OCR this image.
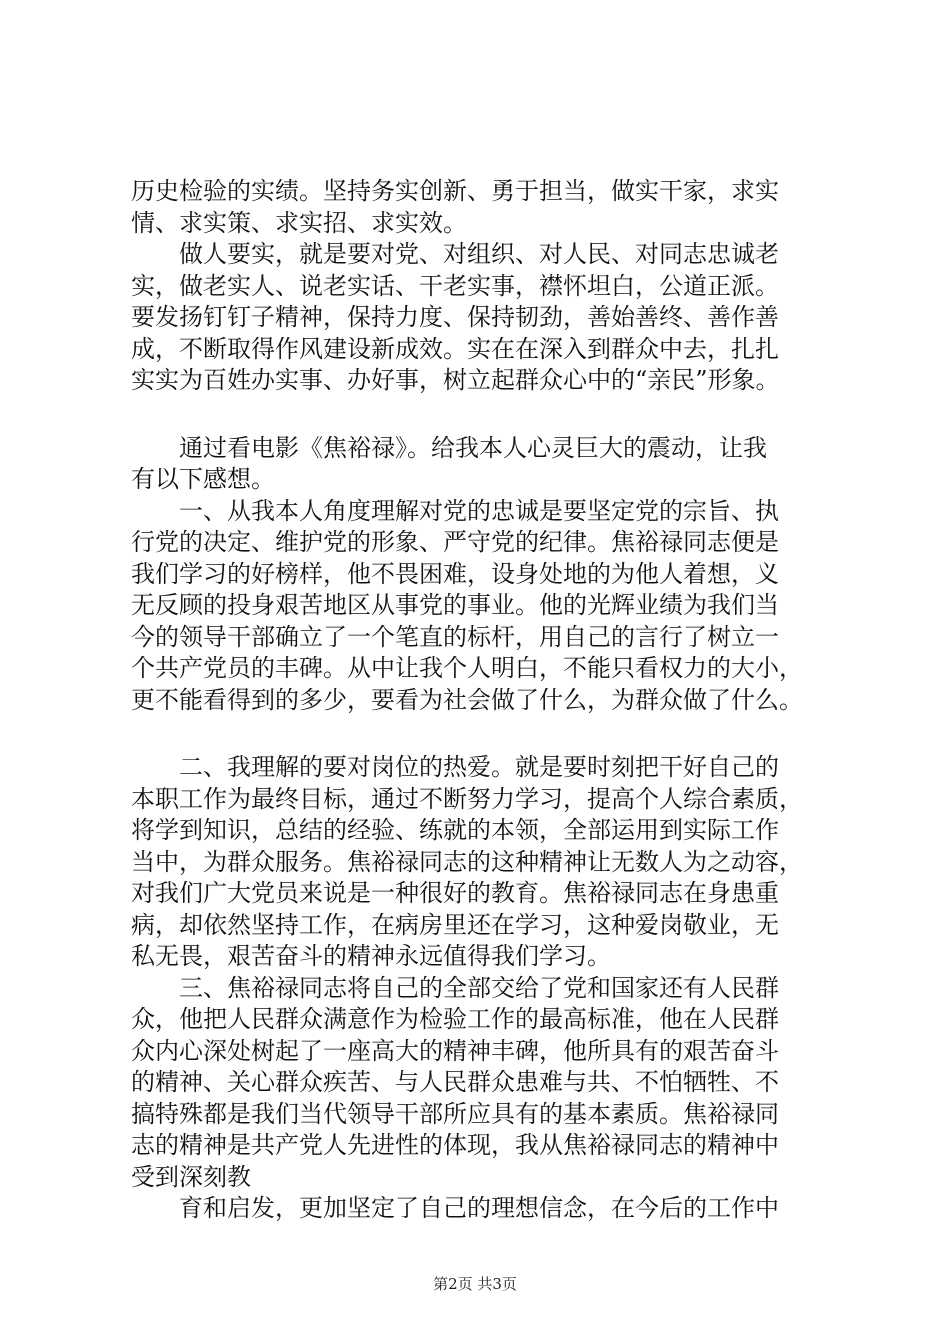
历史检验的实绩。坚持务实创新、勇于担当，做实干家，求实
情、求实策、求实招、求实效。
　　做人要实，就是要对党、对组织、对人民、对同志忠诚老
实，做老实人、说老实话、干老实事，襟怀坦白，公道正派。
要发扬钉钉子精神，保持力度、保持韧劲，善始善终、善作善
成，不断取得作风建设新成效。实在在深入到群众中去，扎扎
实实为百姓办实事、办好事，树立起群众心中的“亲民”形象。
　　通过看电影《焦裕禄》。给我本人心灵巨大的震动，让我
有以下感想。
　　一、从我本人角度理解对党的忠诚是要坚定党的宗旨、执
行党的决定、维护党的形象、严守党的纪律。焦裕禄同志便是
我们学习的好榜样，他不畏困难，设身处地的为他人着想，义
无反顾的投身艰苦地区从事党的事业。他的光辉业绩为我们当
今的领导干部确立了一个笔直的标杆，用自己的言行了树立一
个共产党员的丰碑。从中让我个人明白，不能只看权力的大小，
更不能看得到的多少，要看为社会做了什么，为群众做了什么。
　　二、我理解的要对岗位的热爱。就是要时刻把干好自己的
本职工作为最终目标，通过不断努力学习，提高个人综合素质，
将学到知识，总结的经验、练就的本领，全部运用到实际工作
当中，为群众服务。焦裕禄同志的这种精神让无数人为之动容，
对我们广大党员来说是一种很好的教育。焦裕禄同志在身患重
病，却依然坚持工作，在病房里还在学习，这种爱岗敬业，无
私无畏，艰苦奋斗的精神永远值得我们学习。
　　三、焦裕禄同志将自己的全部交给了党和国家还有人民群
众，他把人民群众满意作为检验工作的最高标准，他在人民群
众内心深处树起了一座高大的精神丰碑，他所具有的艰苦奋斗
的精神、关心群众疾苦、与人民群众患难与共、不怕牺牲、不
搞特殊都是我们当代领导干部所应具有的基本素质。焦裕禄同
志的精神是共产党人先进性的体现，我从焦裕禄同志的精神中
受到深刻教
　　育和启发，更加坚定了自己的理想信念，在今后的工作中
第2页 共3页
